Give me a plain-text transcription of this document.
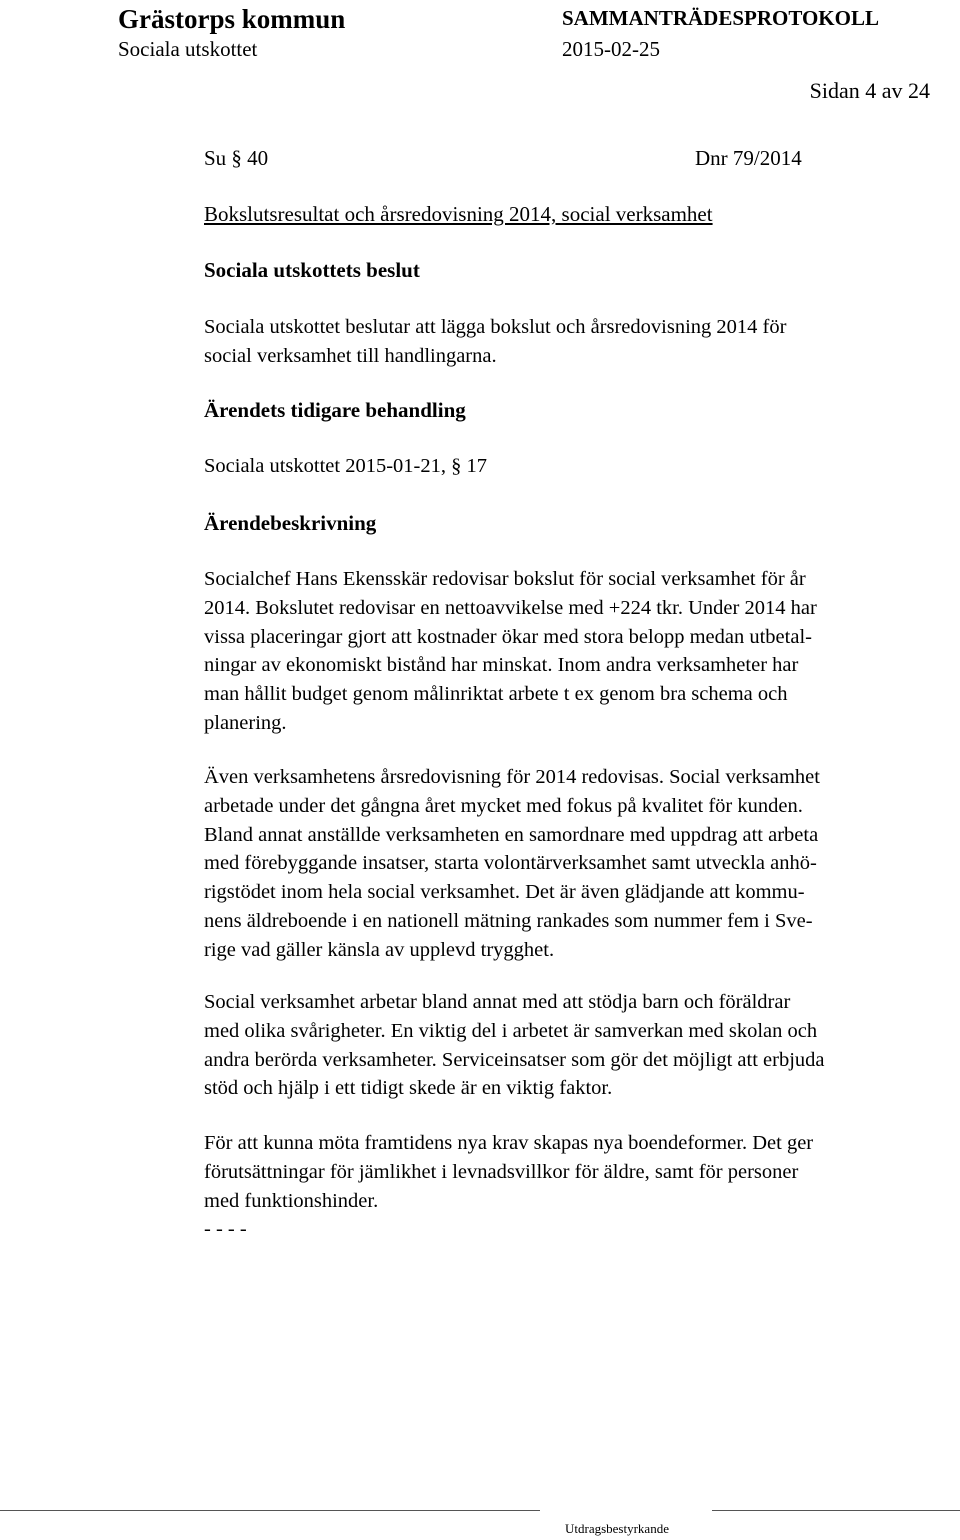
Grästorps kommun
Sociala utskottet
SAMMANTRÄDESPROTOKOLL
2015-02-25
Sidan 4 av 24
Su § 40	Dnr 79/2014
Bokslutsresultat och årsredovisning 2014, social verksamhet
Sociala utskottets beslut
Sociala utskottet beslutar att lägga bokslut och årsredovisning 2014 för
social verksamhet till handlingarna.
Ärendets tidigare behandling
Sociala utskottet 2015-01-21, § 17
Ärendebeskrivning
Socialchef Hans Ekensskär redovisar bokslut för social verksamhet för år
2014. Bokslutet redovisar en nettoavvikelse med +224 tkr. Under 2014 har
vissa placeringar gjort att kostnader ökar med stora belopp medan utbetal-
ningar av ekonomiskt bistånd har minskat. Inom andra verksamheter har
man hållit budget genom målinriktat arbete t ex genom bra schema och
planering.
Även verksamhetens årsredovisning för 2014 redovisas. Social verksamhet
arbetade under det gångna året mycket med fokus på kvalitet för kunden.
Bland annat anställde verksamheten en samordnare med uppdrag att arbeta
med förebyggande insatser, starta volontärverksamhet samt utveckla anhö-
rigstödet inom hela social verksamhet. Det är även glädjande att kommu-
nens äldreboende i en nationell mätning rankades som nummer fem i Sve-
rige vad gäller känsla av upplevd trygghet.
Social verksamhet arbetar bland annat med att stödja barn och föräldrar
med olika svårigheter. En viktig del i arbetet är samverkan med skolan och
andra berörda verksamheter. Serviceinsatser som gör det möjligt att erbjuda
stöd och hjälp i ett tidigt skede är en viktig faktor.
För att kunna möta framtidens nya krav skapas nya boendeformer. Det ger
förutsättningar för jämlikhet i levnadsvillkor för äldre, samt för personer
med funktionshinder.
- - - -
Utdragsbestyrkande
